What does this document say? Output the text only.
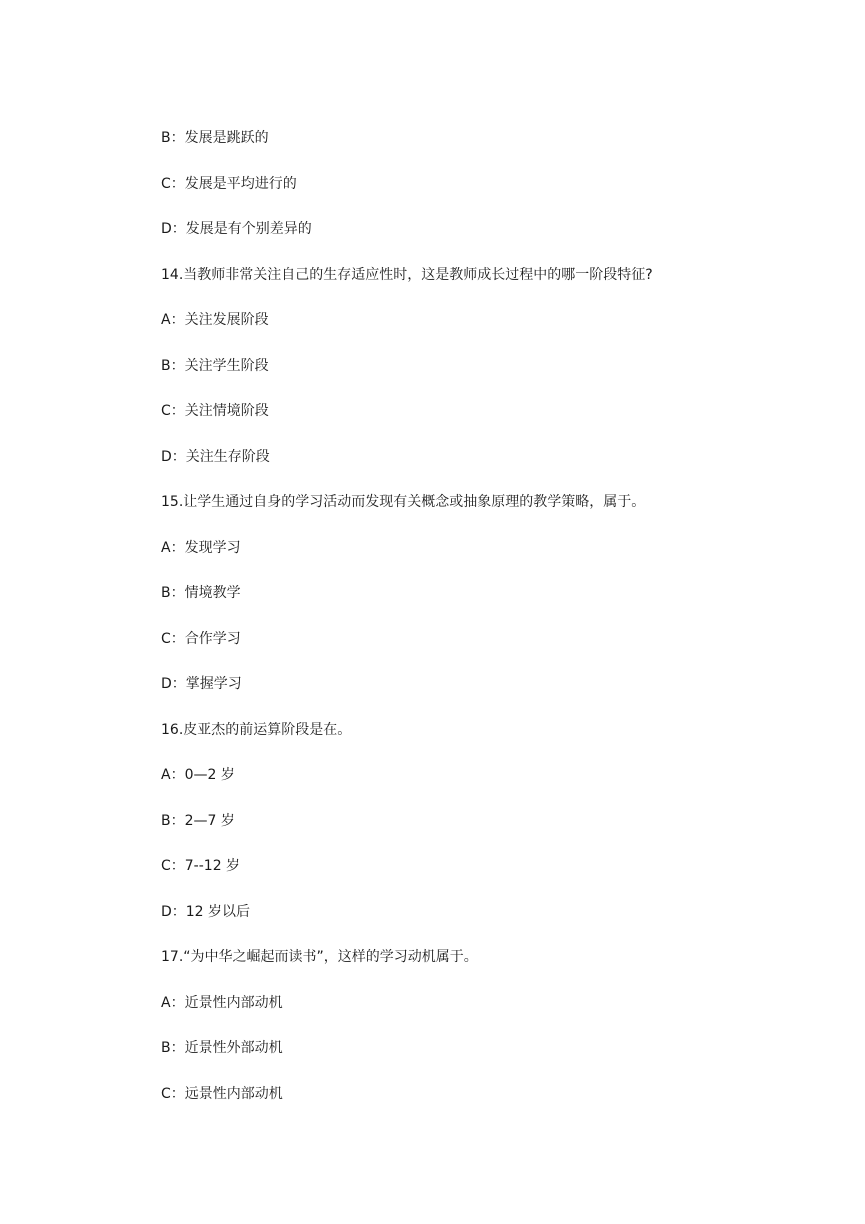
B：发展是跳跃的
C：发展是平均进行的
D：发展是有个别差异的
14.当教师非常关注自己的生存适应性时，这是教师成长过程中的哪一阶段特征?
A：关注发展阶段
B：关注学生阶段
C：关注情境阶段
D：关注生存阶段
15.让学生通过自身的学习活动而发现有关概念或抽象原理的教学策略，属于。
A：发现学习
B：情境教学
C：合作学习
D：掌握学习
16.皮亚杰的前运算阶段是在。
A：0—2 岁
B：2—7 岁
C：7--12 岁
D：12 岁以后
17.“为中华之崛起而读书”，这样的学习动机属于。
A：近景性内部动机
B：近景性外部动机
C：远景性内部动机
